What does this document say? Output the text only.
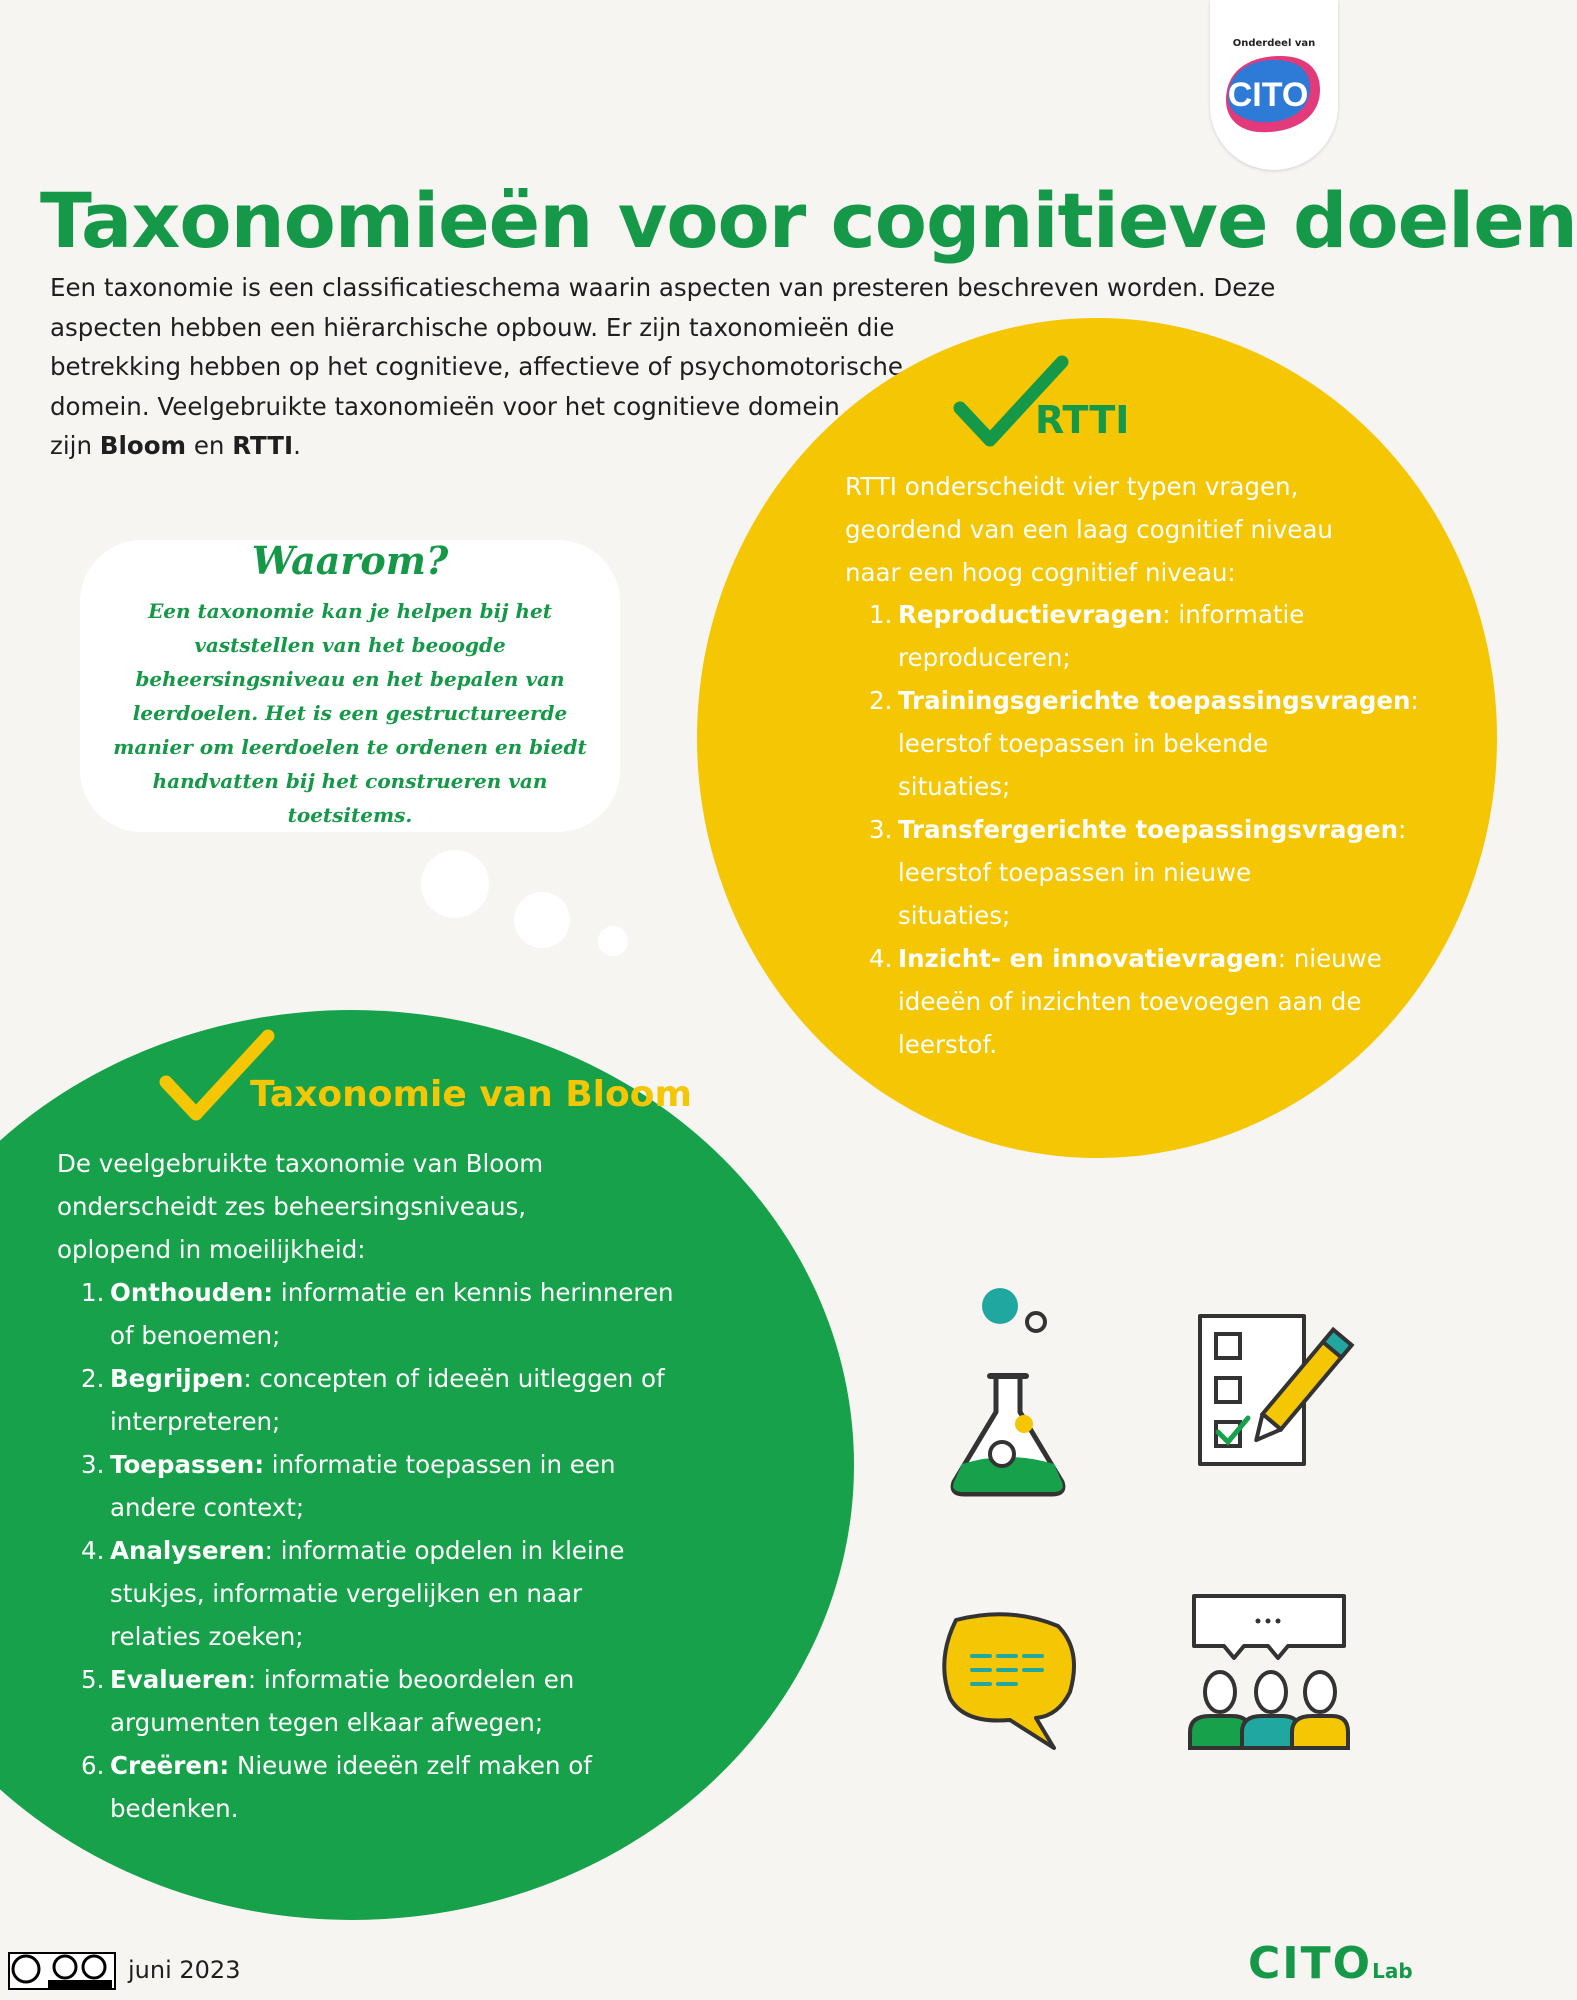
Onderdeel van
CITO
Taxonomieën voor cognitieve doelen
Een taxonomie is een classificatieschema waarin aspecten van presteren beschreven worden. Deze
aspecten hebben een hiërarchische opbouw. Er zijn taxonomieën die
betrekking hebben op het cognitieve, affectieve of psychomotorische
domein. Veelgebruikte taxonomieën voor het cognitieve domein
zijn Bloom en RTTI.
Waarom?
Een taxonomie kan je helpen bij het vaststellen van het beoogde beheersingsniveau en het bepalen van leerdoelen. Het is een gestructureerde manier om leerdoelen te ordenen en biedt handvatten bij het construeren van toetsitems.
RTTI
RTTI onderscheidt vier typen vragen,
geordend van een laag cognitief niveau
naar een hoog cognitief niveau:
1. Reproductievragen: informatie
reproduceren;
2. Trainingsgerichte toepassingsvragen:
leerstof toepassen in bekende
situaties;
3. Transfergerichte toepassingsvragen:
leerstof toepassen in nieuwe
situaties;
4. Inzicht- en innovatievragen: nieuwe
ideeën of inzichten toevoegen aan de
leerstof.
Taxonomie van Bloom
De veelgebruikte taxonomie van Bloom
onderscheidt zes beheersingsniveaus,
oplopend in moeilijkheid:
1. Onthouden: informatie en kennis herinneren
of benoemen;
2. Begrijpen: concepten of ideeën uitleggen of
interpreteren;
3. Toepassen: informatie toepassen in een
andere context;
4. Analyseren: informatie opdelen in kleine
stukjes, informatie vergelijken en naar
relaties zoeken;
5. Evalueren: informatie beoordelen en
argumenten tegen elkaar afwegen;
6. Creëren: Nieuwe ideeën zelf maken of
bedenken.
juni 2023	CITOLab
